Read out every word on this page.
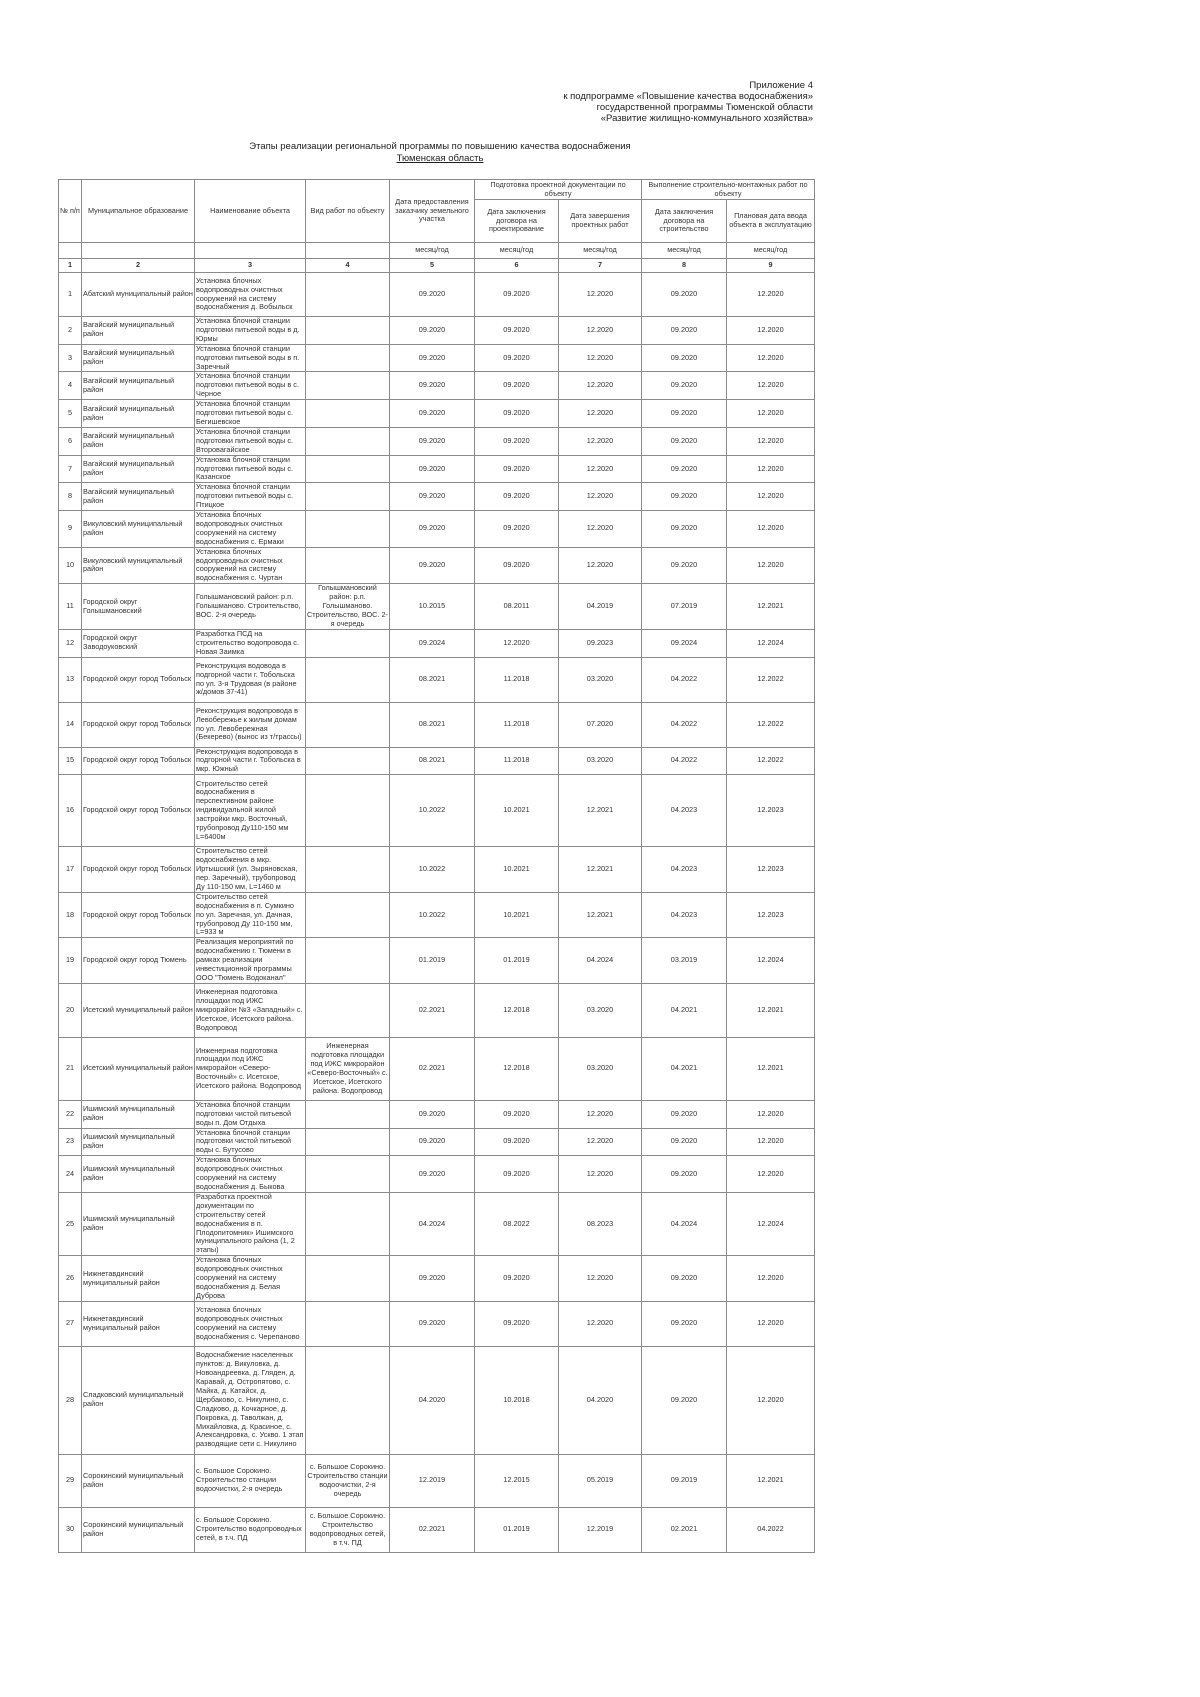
Приложение 4
к подпрограмме «Повышение качества водоснабжения»
государственной программы Тюменской области
«Развитие жилищно-коммунального хозяйства»
Этапы реализации региональной программы по повышению качества водоснабжения
Тюменская область
№ п/п	Муниципальное образование	Наименование объекта	Вид работ по объекту	Дата предоставления заказчику земельного участка	Подготовка проектной документации по объекту		Выполнение строительно-монтажных работ по объекту	
					Дата заключения договора на проектирование	Дата завершения проектных работ	Дата заключения договора на строительство	Плановая дата ввода объекта в эксплуатацию
				месяц/год	месяц/год	месяц/год	месяц/год	месяц/год
1	2	3	4	5	6	7	8	9
1	Абатский муниципальный район	Установка блочных водопроводных очистных сооружений на систему водоснабжения д. Вобыльск		09.2020	09.2020	12.2020	09.2020	12.2020
2	Вагайский муниципальный район	Установка блочной станции подготовки питьевой воды в д. Юрмы		09.2020	09.2020	12.2020	09.2020	12.2020
3	Вагайский муниципальный район	Установка блочной станции подготовки питьевой воды в п. Заречный		09.2020	09.2020	12.2020	09.2020	12.2020
4	Вагайский муниципальный район	Установка блочной станции подготовки питьевой воды в с. Черное		09.2020	09.2020	12.2020	09.2020	12.2020
5	Вагайский муниципальный район	Установка блочной станции подготовки питьевой воды с. Бегишевское		09.2020	09.2020	12.2020	09.2020	12.2020
6	Вагайский муниципальный район	Установка блочной станции подготовки питьевой воды с. Второвагайское		09.2020	09.2020	12.2020	09.2020	12.2020
7	Вагайский муниципальный район	Установка блочной станции подготовки питьевой воды с. Казанское		09.2020	09.2020	12.2020	09.2020	12.2020
8	Вагайский муниципальный район	Установка блочной станции подготовки питьевой воды с. Птицкое		09.2020	09.2020	12.2020	09.2020	12.2020
9	Викуловский муниципальный район	Установка блочных водопроводных очистных сооружений на систему водоснабжения с. Ермаки		09.2020	09.2020	12.2020	09.2020	12.2020
10	Викуловский муниципальный район	Установка блочных водопроводных очистных сооружений на систему водоснабжения с. Чуртан		09.2020	09.2020	12.2020	09.2020	12.2020
11	Городской округ Голышмановский	Голышмановский район: р.п. Голышманово. Строительство, ВОС. 2-я очередь	Голышмановский район: р.п. Голышманово. Строительство, ВОС. 2-я очередь	10.2015	08.2011	04.2019	07.2019	12.2021
12	Городской округ Заводоуковский	Разработка ПСД на строительство водопровода с. Новая Заимка		09.2024	12.2020	09.2023	09.2024	12.2024
13	Городской округ город Тобольск	Реконструкция водовода в подгорной части г. Тобольска по ул. 3-я Трудовая (в районе ж/домов 37-41)		08.2021	11.2018	03.2020	04.2022	12.2022
14	Городской округ город Тобольск	Реконструкция водопровода в Левобережье к жилым домам по ул. Левобережная (Бекерево) (вынос из т/трассы)		08.2021	11.2018	07.2020	04.2022	12.2022
15	Городской округ город Тобольск	Реконструкция водопровода в подгорной части г. Тобольска в мкр. Южный		08.2021	11.2018	03.2020	04.2022	12.2022
16	Городской округ город Тобольск	Строительство сетей водоснабжения в перспективном районе индивидуальной жилой застройки мкр. Восточный, трубопровод Ду110-150 мм L=6400м		10.2022	10.2021	12.2021	04.2023	12.2023
17	Городской округ город Тобольск	Строительство сетей водоснабжения в мкр. Иртышский (ул. Зыряновская, пер. Заречный), трубопровод Ду 110-150 мм, L=1460 м		10.2022	10.2021	12.2021	04.2023	12.2023
18	Городской округ город Тобольск	Строительство сетей водоснабжения в п. Сумкино по ул. Заречная, ул. Дачная, трубопровод Ду 110-150 мм, L=933 м		10.2022	10.2021	12.2021	04.2023	12.2023
19	Городской округ город Тюмень	Реализация мероприятий по водоснабжению г. Тюмени в рамках реализации инвестиционной программы ООО "Тюмень Водоканал"		01.2019	01.2019	04.2024	03.2019	12.2024
20	Исетский муниципальный район	Инженерная подготовка площадки под ИЖС микрорайон №3 «Западный» с. Исетское, Исетского района. Водопровод		02.2021	12.2018	03.2020	04.2021	12.2021
21	Исетский муниципальный район	Инженерная подготовка площадки под ИЖС микрорайон «Северо-Восточный» с. Исетское, Исетского района. Водопровод	Инженерная подготовка площадки под ИЖС микрорайон «Северо-Восточный» с. Исетское, Исетского района. Водопровод	02.2021	12.2018	03.2020	04.2021	12.2021
22	Ишимский муниципальный район	Установка блочной станции подготовки чистой питьевой воды п. Дом Отдыха		09.2020	09.2020	12.2020	09.2020	12.2020
23	Ишимский муниципальный район	Установка блочной станции подготовки чистой питьевой воды с. Бутусово		09.2020	09.2020	12.2020	09.2020	12.2020
24	Ишимский муниципальный район	Установка блочных водопроводных очистных сооружений на систему водоснабжения д. Быкова		09.2020	09.2020	12.2020	09.2020	12.2020
25	Ишимский муниципальный район	Разработка проектной документации по строительству сетей водоснабжения в п. Плодопитомник» Ишимского муниципального района (1, 2 этапы)		04.2024	08.2022	08.2023	04.2024	12.2024
26	Нижнетавдинский муниципальный район	Установка блочных водопроводных очистных сооружений на систему водоснабжения д. Белая Дуброва		09.2020	09.2020	12.2020	09.2020	12.2020
27	Нижнетавдинский муниципальный район	Установка блочных водопроводных очистных сооружений на систему водоснабжения с. Черепаново		09.2020	09.2020	12.2020	09.2020	12.2020
28	Сладковский муниципальный район	Водоснабжение населенных пунктов: д. Викуловка, д. Новоандреевка, д. Гляден, д. Каравай, д. Остропятово, с. Майка, д. Катайск, д. Щербаково, с. Никулино, с. Сладково, д. Кочкарное, д. Покровка, д. Таволжан, д. Михайловка, д. Красиное, с. Александровка, с. Ускво. 1 этап разводящие сети с. Никулино		04.2020	10.2018	04.2020	09.2020	12.2020
29	Сорокинский муниципальный район	с. Большое Сорокино. Строительство станции водоочистки, 2-я очередь	с. Большое Сорокино. Строительство станции водоочистки, 2-я очередь	12.2019	12.2015	05.2019	09.2019	12.2021
30	Сорокинский муниципальный район	с. Большое Сорокино. Строительство водопроводных сетей, в т.ч. ПД	с. Большое Сорокино. Строительство водопроводных сетей, в т.ч. ПД	02.2021	01.2019	12.2019	02.2021	04.2022
